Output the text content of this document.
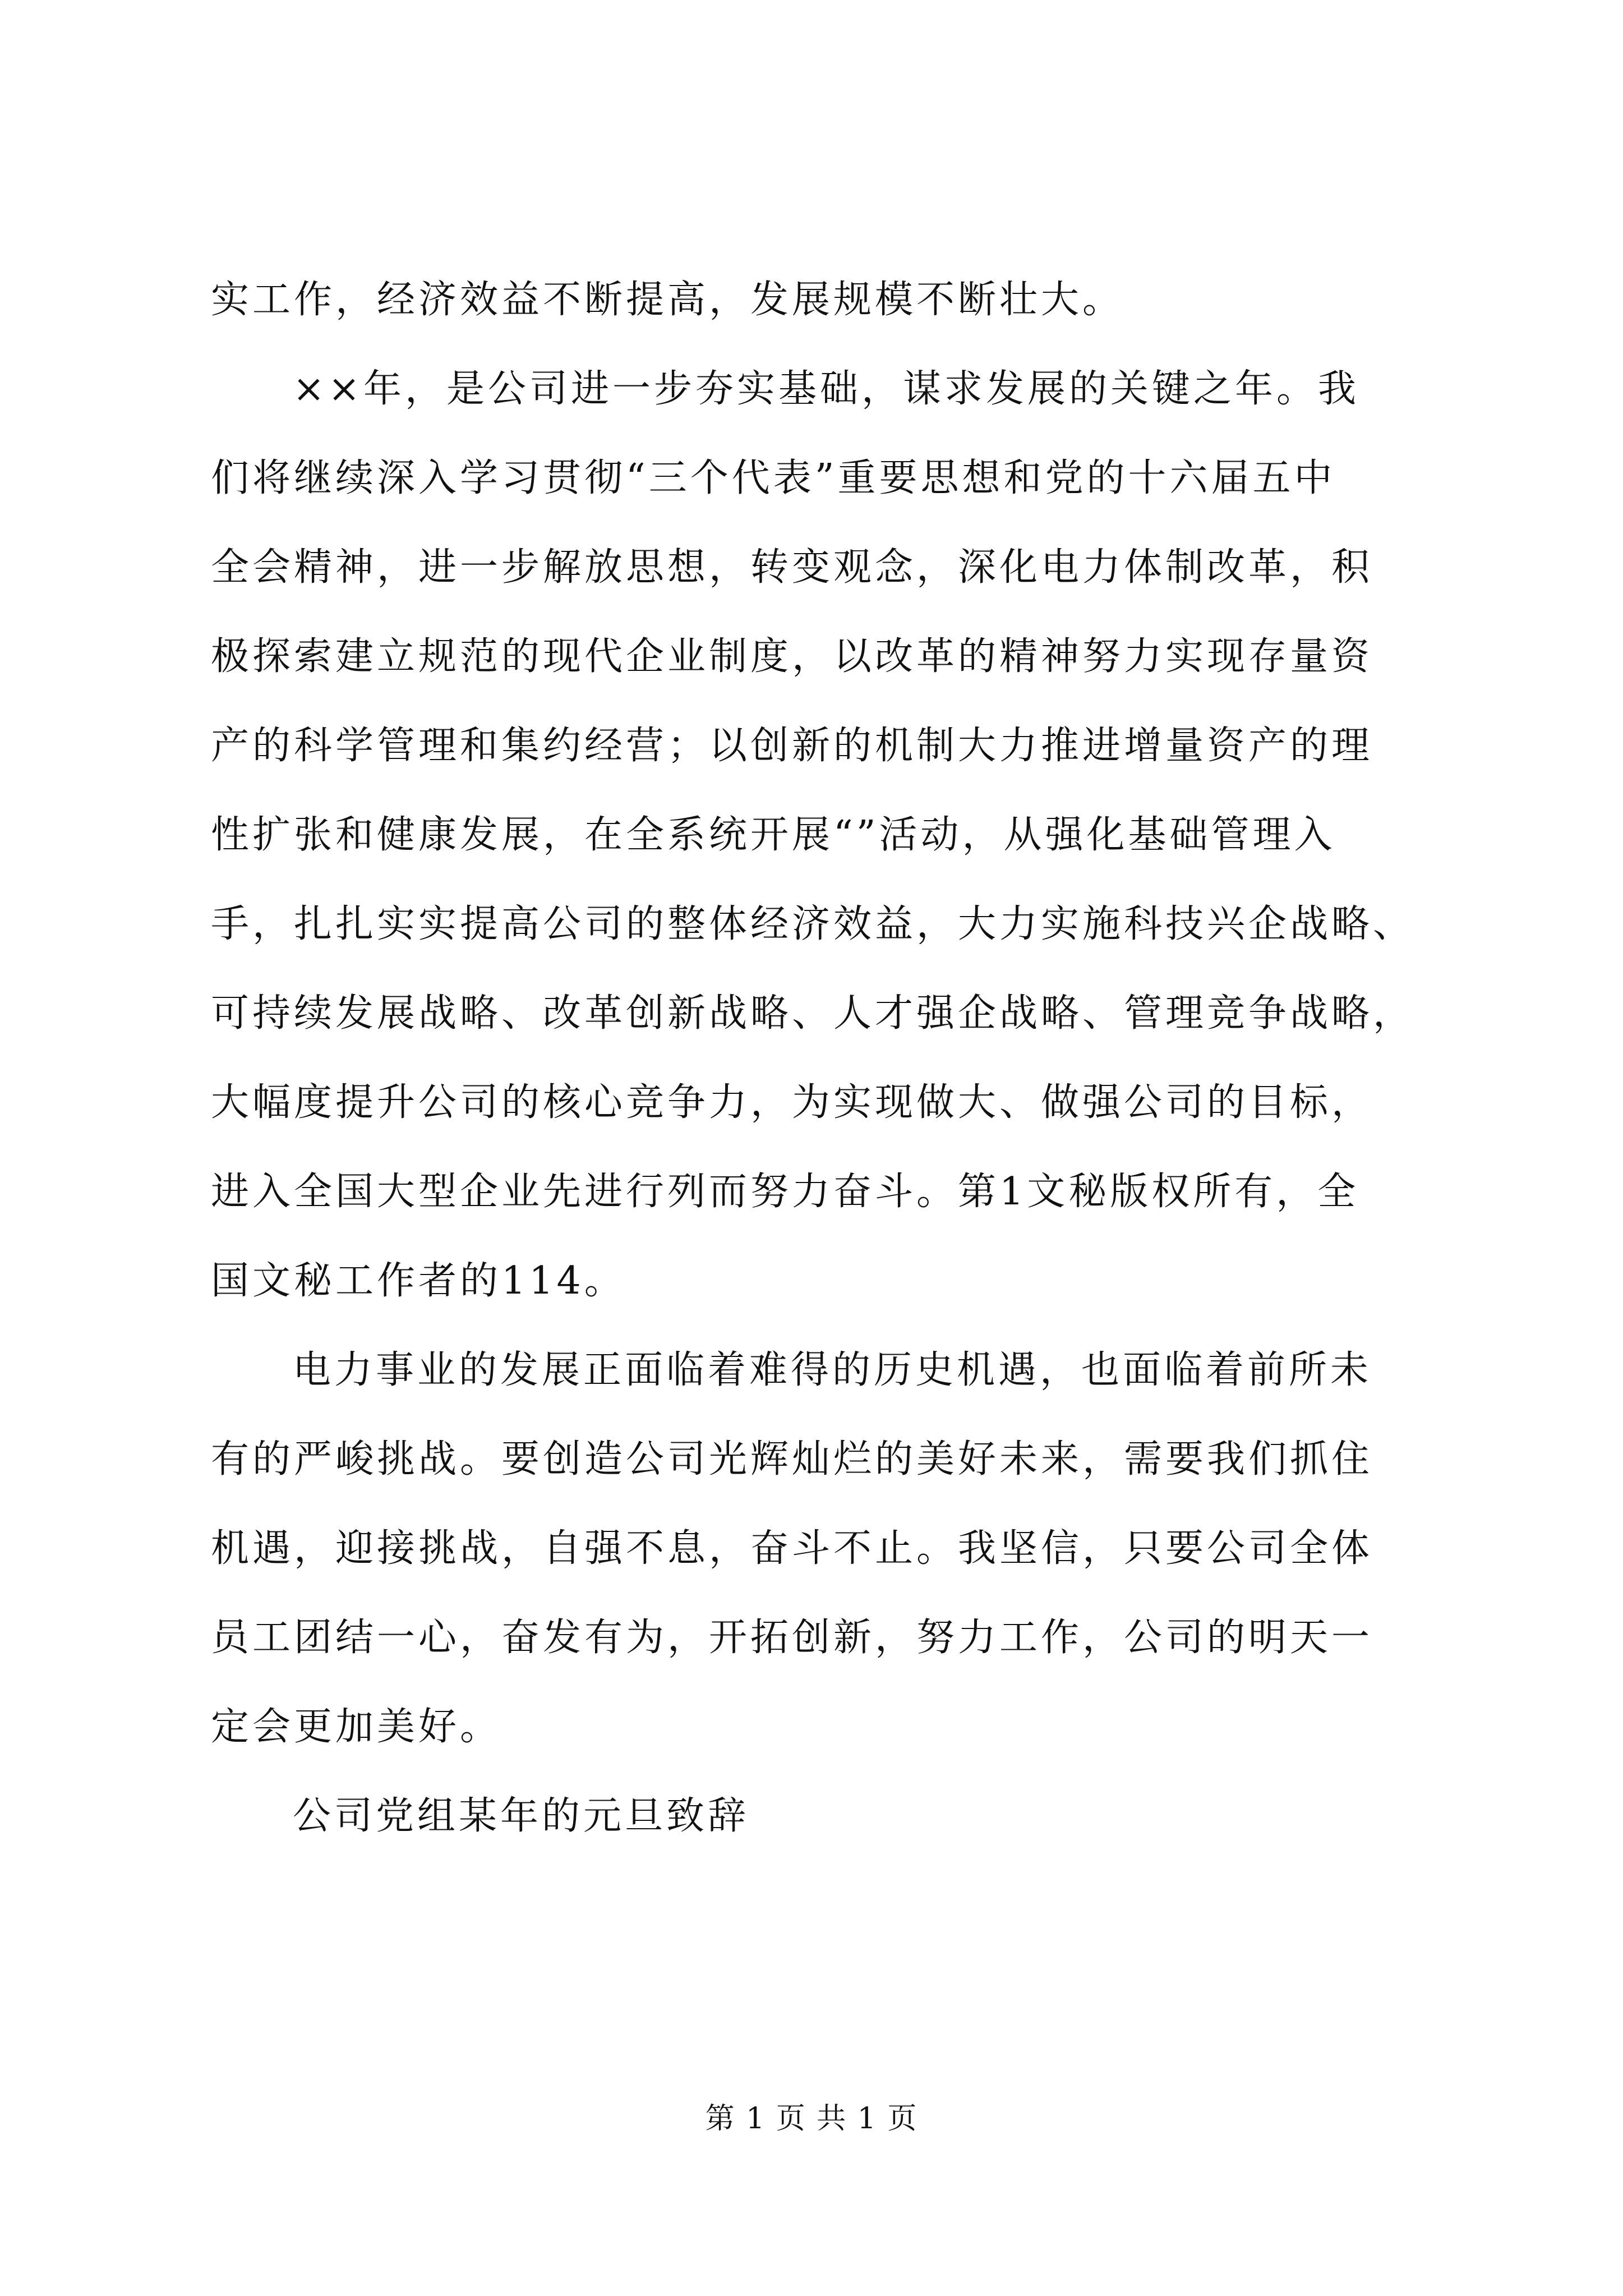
实工作，经济效益不断提高，发展规模不断壮大。

××年，是公司进一步夯实基础，谋求发展的关键之年。我
们将继续深入学习贯彻“三个代表”重要思想和党的十六届五中
全会精神，进一步解放思想，转变观念，深化电力体制改革，积
极探索建立规范的现代企业制度，以改革的精神努力实现存量资
产的科学管理和集约经营；以创新的机制大力推进增量资产的理
性扩张和健康发展，在全系统开展“”活动，从强化基础管理入
手，扎扎实实提高公司的整体经济效益，大力实施科技兴企战略、
可持续发展战略、改革创新战略、人才强企战略、管理竞争战略，
大幅度提升公司的核心竞争力，为实现做大、做强公司的目标，
进入全国大型企业先进行列而努力奋斗。第1文秘版权所有，全
国文秘工作者的114。

电力事业的发展正面临着难得的历史机遇，也面临着前所未
有的严峻挑战。要创造公司光辉灿烂的美好未来，需要我们抓住
机遇，迎接挑战，自强不息，奋斗不止。我坚信，只要公司全体
员工团结一心，奋发有为，开拓创新，努力工作，公司的明天一
定会更加美好。

公司党组某年的元旦致辞

第 1 页 共 1 页
